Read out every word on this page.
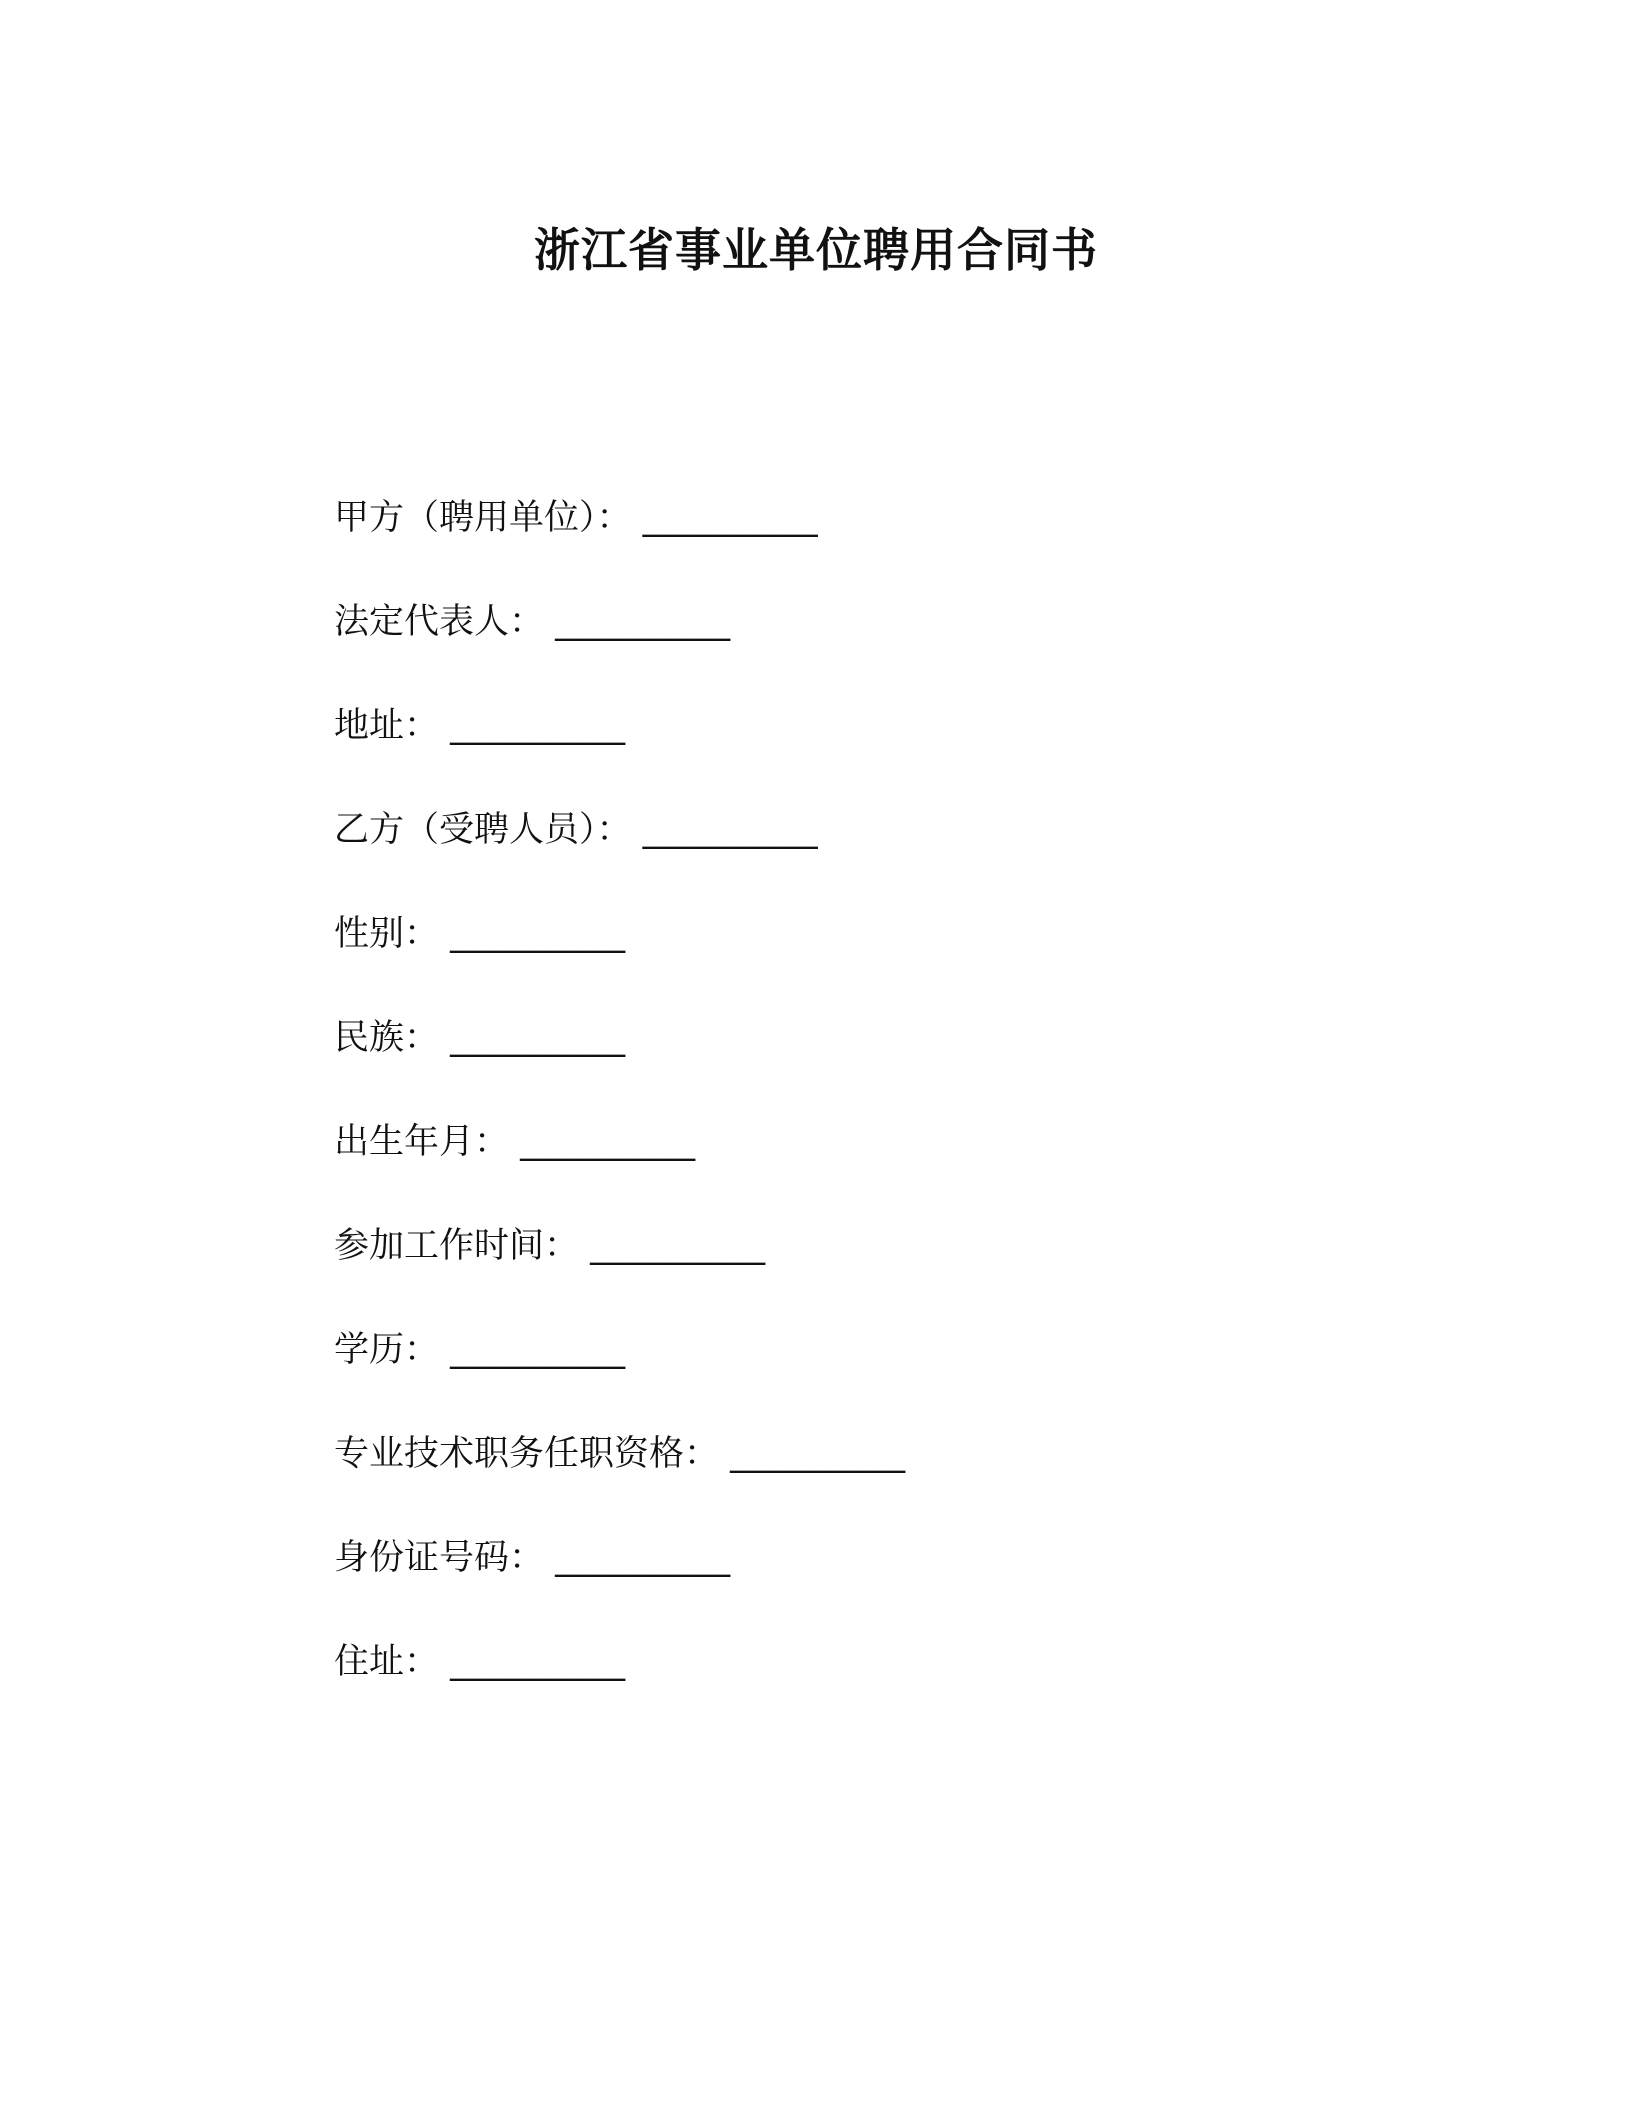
浙江省事业单位聘用合同书
甲方（聘用单位）： __________
法定代表人： __________
地址： __________
乙方（受聘人员）： __________
性别： __________
民族： __________
出生年月： __________
参加工作时间： __________
学历： __________
专业技术职务任职资格： __________
身份证号码： __________
住址： __________
